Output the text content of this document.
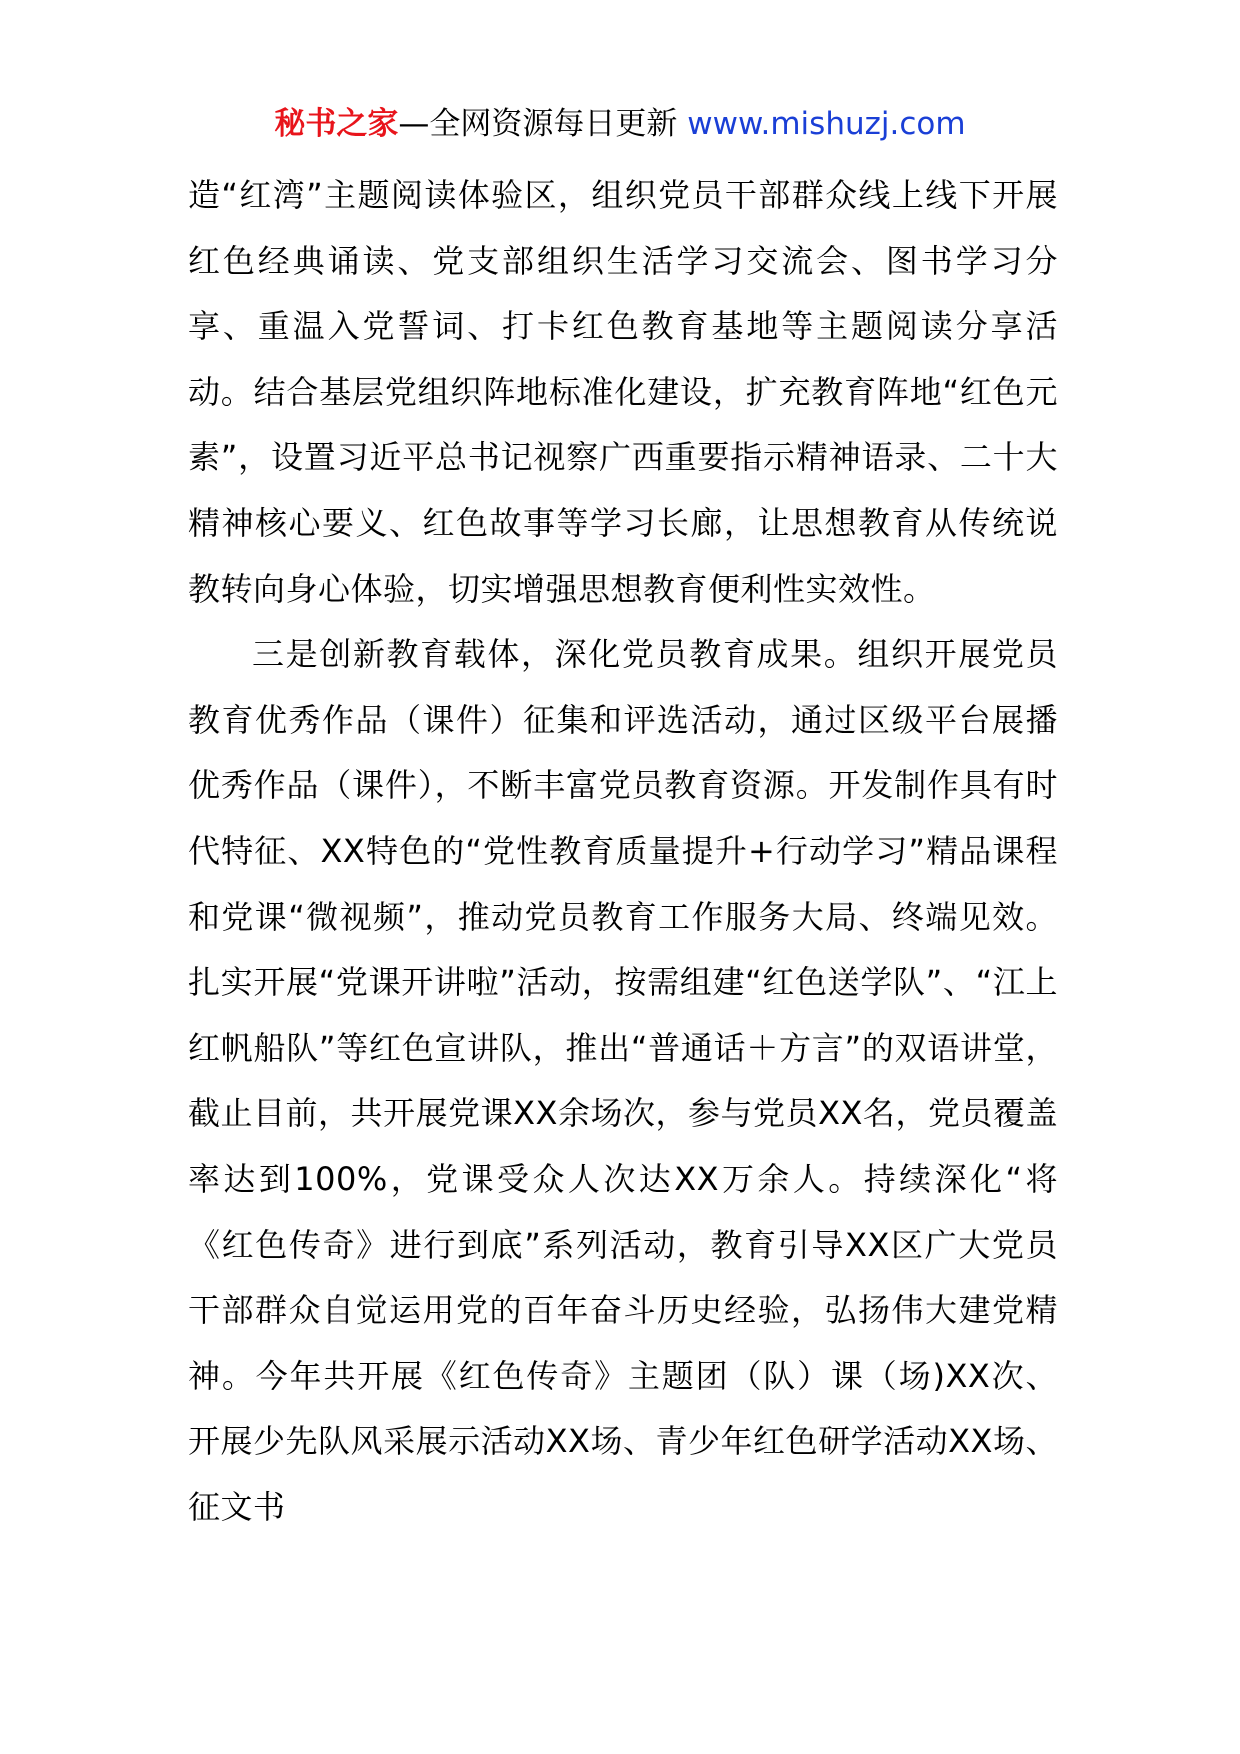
秘书之家—全网资源每日更新 www.mishuzj.com

造“红湾”主题阅读体验区，组织党员干部群众线上线下开展红色经典诵读、党支部组织生活学习交流会、图书学习分享、重温入党誓词、打卡红色教育基地等主题阅读分享活动。结合基层党组织阵地标准化建设，扩充教育阵地“红色元素”，设置习近平总书记视察广西重要指示精神语录、二十大精神核心要义、红色故事等学习长廊，让思想教育从传统说教转向身心体验，切实增强思想教育便利性实效性。

三是创新教育载体，深化党员教育成果。组织开展党员教育优秀作品（课件）征集和评选活动，通过区级平台展播优秀作品（课件），不断丰富党员教育资源。开发制作具有时代特征、XX特色的“党性教育质量提升+行动学习”精品课程和党课“微视频”，推动党员教育工作服务大局、终端见效。扎实开展“党课开讲啦”活动，按需组建“红色送学队”、“江上红帆船队”等红色宣讲队，推出“普通话＋方言”的双语讲堂，截止目前，共开展党课XX余场次，参与党员XX名，党员覆盖率达到100%，党课受众人次达XX万余人。持续深化“将《红色传奇》进行到底”系列活动，教育引导XX区广大党员干部群众自觉运用党的百年奋斗历史经验，弘扬伟大建党精神。今年共开展《红色传奇》主题团（队）课（场)XX次、开展少先队风采展示活动XX场、青少年红色研学活动XX场、征文书
